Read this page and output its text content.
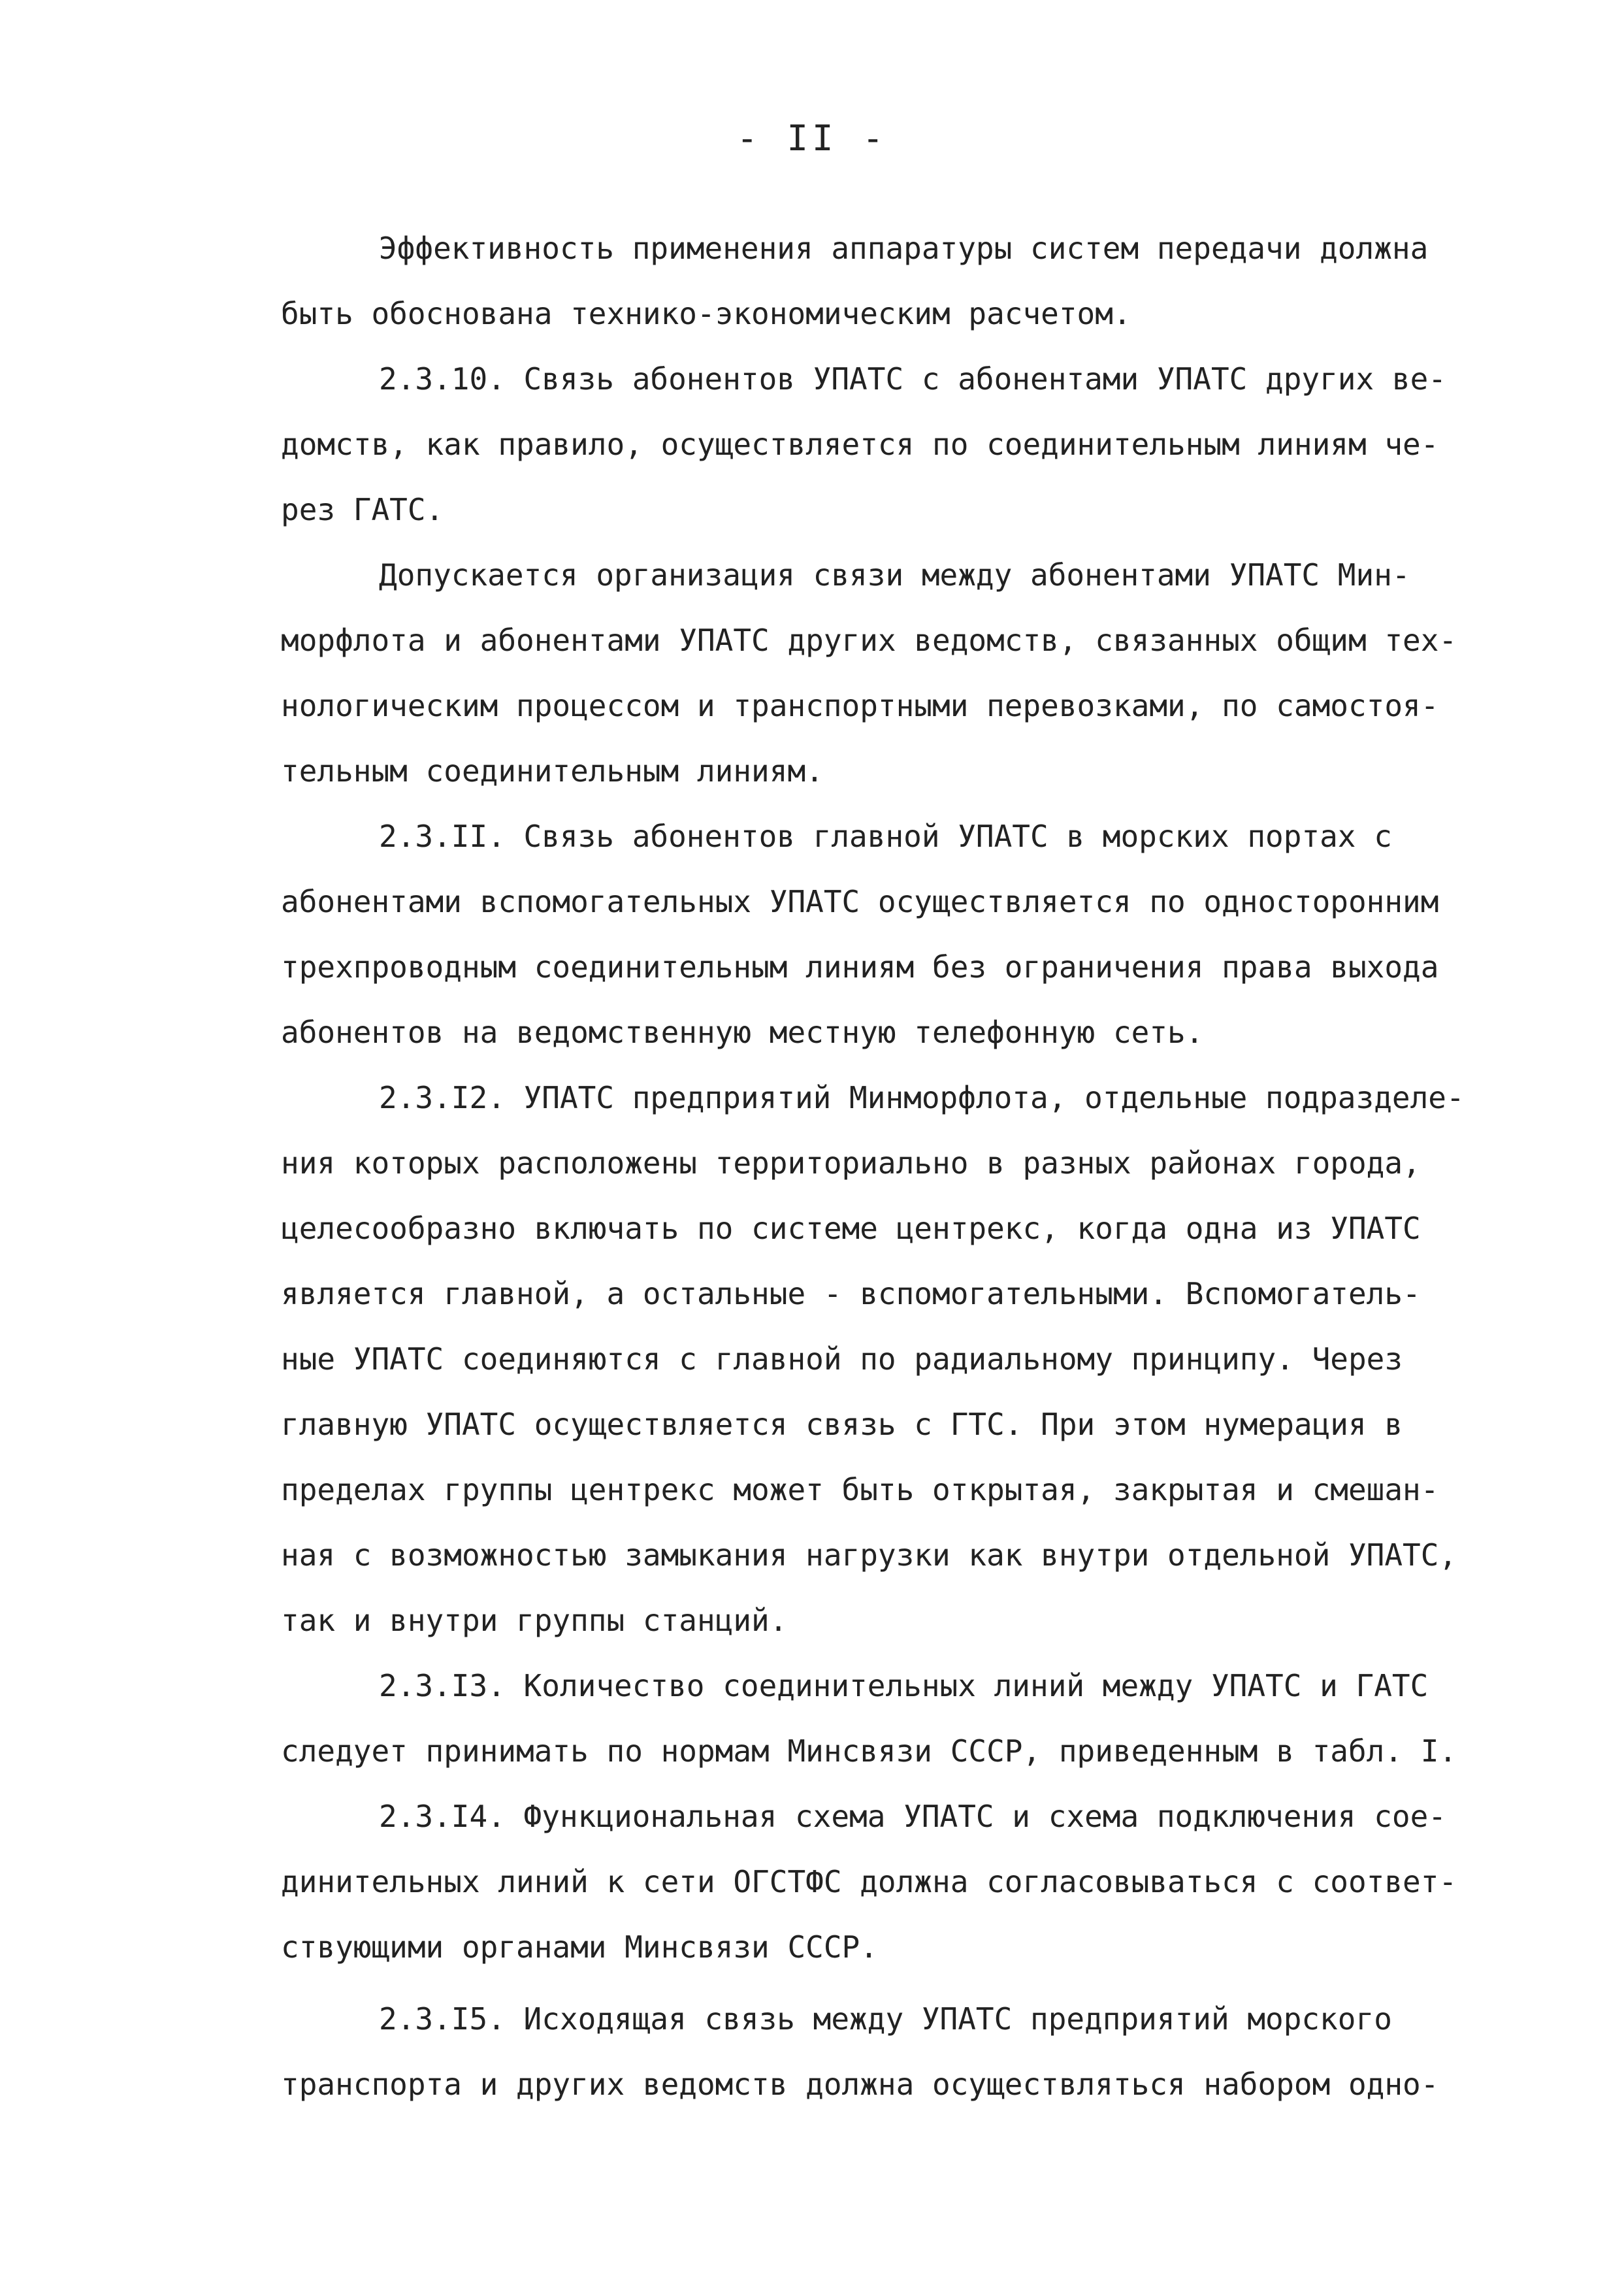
- II -
Эффективность применения аппаратуры систем передачи должна
быть обоснована технико-экономическим расчетом.
2.3.10. Связь абонентов УПАТС с абонентами УПАТС других ве-
домств, как правило, осуществляется по соединительным линиям че-
рез ГАТС.
Допускается организация связи между абонентами УПАТС Мин-
морфлота и абонентами УПАТС других ведомств, связанных общим тех-
нологическим процессом и транспортными перевозками, по самостоя-
тельным соединительным линиям.
2.3.II. Связь абонентов главной УПАТС в морских портах с
абонентами вспомогательных УПАТС осуществляется по односторонним
трехпроводным соединительным линиям без ограничения права выхода
абонентов на ведомственную местную телефонную сеть.
2.3.I2. УПАТС предприятий Минморфлота, отдельные подразделе-
ния которых расположены территориально в разных районах города,
целесообразно включать по системе центрекс, когда одна из УПАТС
является главной, а остальные - вспомогательными. Вспомогатель-
ные УПАТС соединяются с главной по радиальному принципу. Через
главную УПАТС осуществляется связь с ГТС. При этом нумерация в
пределах группы центрекс может быть открытая, закрытая и смешан-
ная с возможностью замыкания нагрузки как внутри отдельной УПАТС,
так и внутри группы станций.
2.3.I3. Количество соединительных линий между УПАТС и ГАТС
следует принимать по нормам Минсвязи СССР, приведенным в табл. I.
2.3.I4. Функциональная схема УПАТС и схема подключения сое-
динительных линий к сети ОГСТФС должна согласовываться с соответ-
ствующими органами Минсвязи СССР.
2.3.I5. Исходящая связь между УПАТС предприятий морского
транспорта и других ведомств должна осуществляться набором одно-
